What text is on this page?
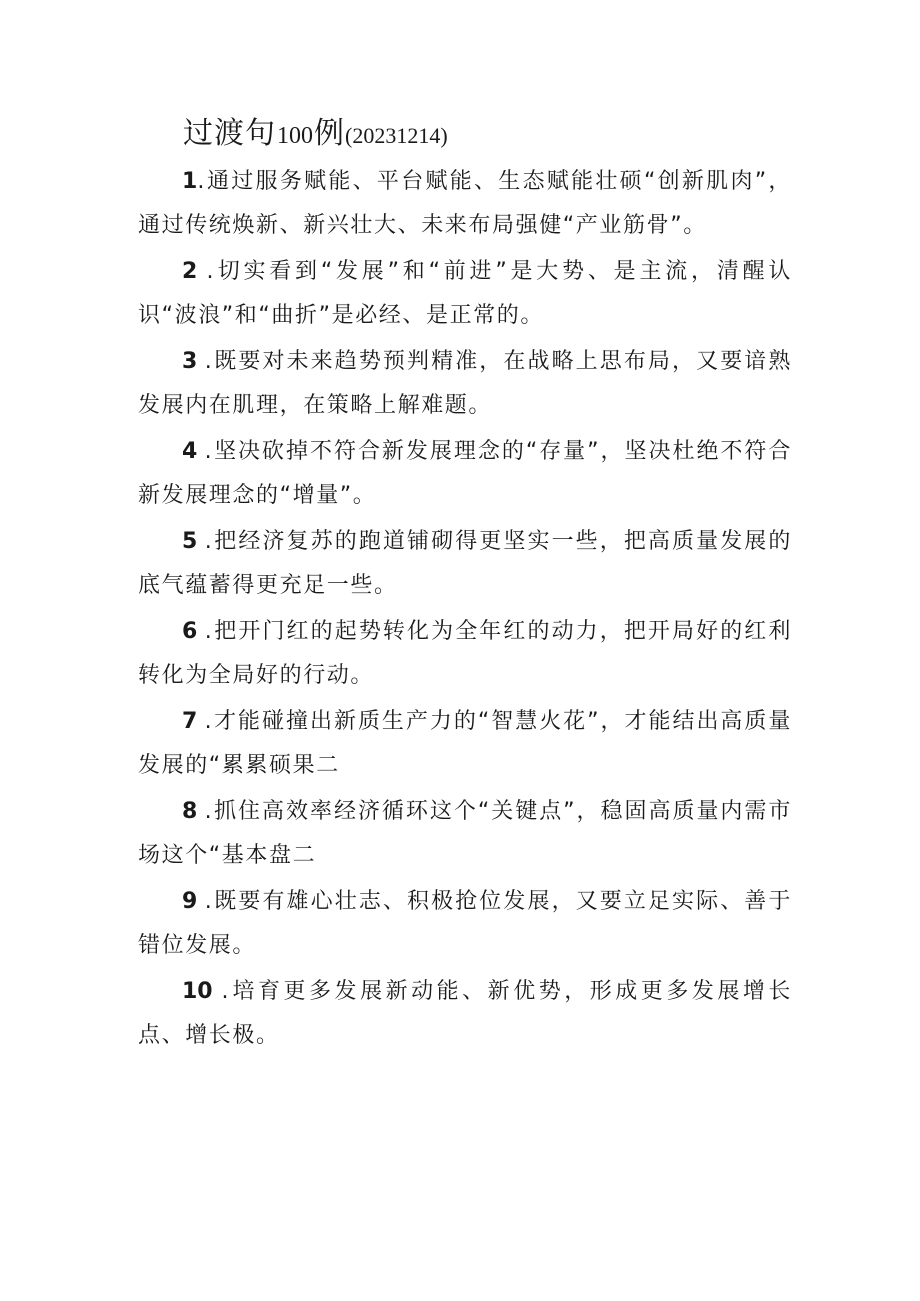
过渡句100例(20231214)
1.通过服务赋能、平台赋能、生态赋能壮硕“创新肌肉”，通过传统焕新、新兴壮大、未来布局强健“产业筋骨”。
2 .切实看到“发展”和“前进”是大势、是主流，清醒认识“波浪”和“曲折”是必经、是正常的。
3 .既要对未来趋势预判精准，在战略上思布局，又要谙熟发展内在肌理，在策略上解难题。
4 .坚决砍掉不符合新发展理念的“存量”，坚决杜绝不符合新发展理念的“增量”。
5 .把经济复苏的跑道铺砌得更坚实一些，把高质量发展的底气蕴蓄得更充足一些。
6 .把开门红的起势转化为全年红的动力，把开局好的红利转化为全局好的行动。
7 .才能碰撞出新质生产力的“智慧火花”，才能结出高质量发展的“累累硕果二
8 .抓住高效率经济循环这个“关键点”，稳固高质量内需市场这个“基本盘二
9 .既要有雄心壮志、积极抢位发展，又要立足实际、善于错位发展。
10 .培育更多发展新动能、新优势，形成更多发展增长点、增长极。
